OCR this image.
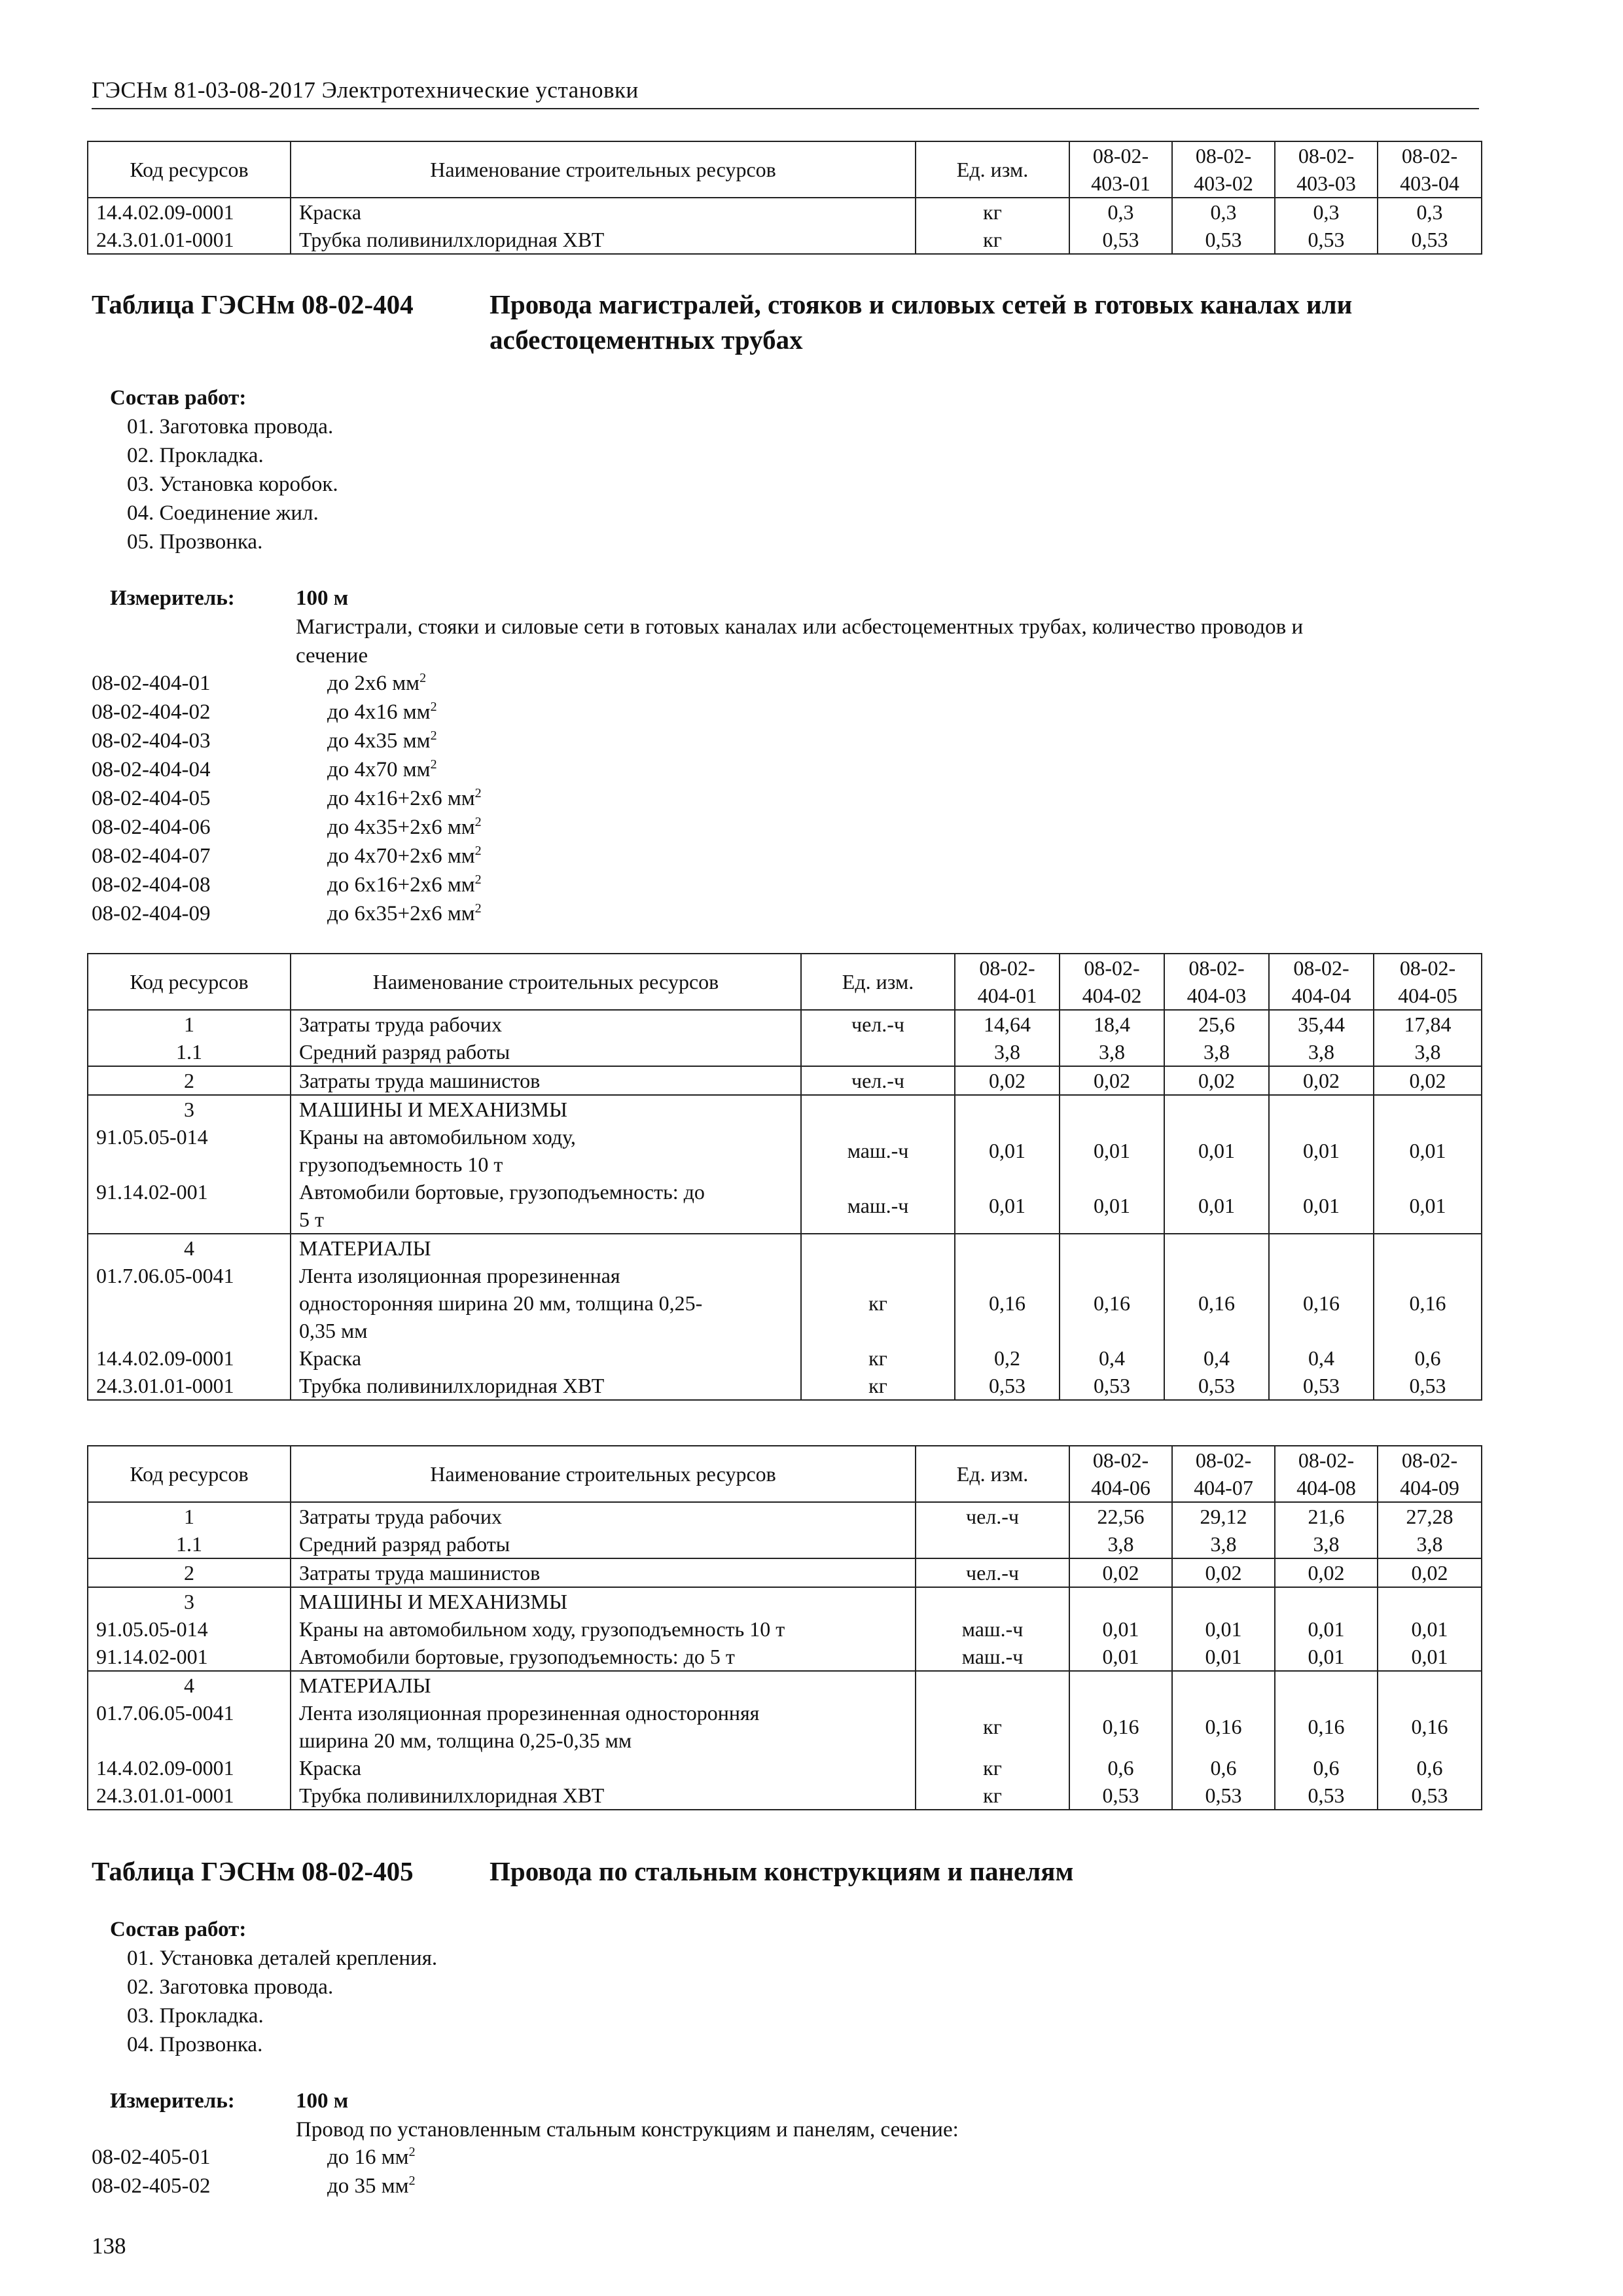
ГЭСНм 81-03-08-2017 Электротехнические установки
Код ресурсов	Наименование строительных ресурсов	Ед. изм.	08-02-
403-01	08-02-
403-02	08-02-
403-03	08-02-
403-04
14.4.02.09-0001	Краска	кг	0,3	0,3	0,3	0,3
24.3.01.01-0001	Трубка поливинилхлоридная ХВТ	кг	0,53	0,53	0,53	0,53
Таблица ГЭСНм 08-02-404	Провода магистралей, стояков и силовых сетей в готовых каналах или
асбестоцементных трубах
Состав работ:
01. Заготовка провода.
02. Прокладка.
03. Установка коробок.
04. Соединение жил.
05. Прозвонка.
Измеритель:	100 м
Магистрали, стояки и силовые сети в готовых каналах или асбестоцементных трубах, количество проводов и
сечение
08-02-404-01	до 2x6 $мм^2$
08-02-404-02	до 4x16 $мм^2$
08-02-404-03	до 4x35 $мм^2$
08-02-404-04	до 4x70 $мм^2$
08-02-404-05	до 4x16+2x6 $мм^2$
08-02-404-06	до 4x35+2x6 $мм^2$
08-02-404-07	до 4x70+2x6 $мм^2$
08-02-404-08	до 6x16+2x6 $мм^2$
08-02-404-09	до 6x35+2x6 $мм^2$
Код ресурсов	Наименование строительных ресурсов	Ед. изм.	08-02-
404-01	08-02-
404-02	08-02-
404-03	08-02-
404-04	08-02-
404-05
1	Затраты труда рабочих	чел.-ч	14,64	18,4	25,6	35,44	17,84
1.1	Средний разряд работы		3,8	3,8	3,8	3,8	3,8
2	Затраты труда машинистов	чел.-ч	0,02	0,02	0,02	0,02	0,02
3	МАШИНЫ И МЕХАНИЗМЫ						
91.05.05-014	Краны на автомобильном ходу,
грузоподъемность 10 т	маш.-ч	0,01	0,01	0,01	0,01	0,01
91.14.02-001	Автомобили бортовые, грузоподъемность: до
5 т	маш.-ч	0,01	0,01	0,01	0,01	0,01
4	МАТЕРИАЛЫ						
01.7.06.05-0041	Лента изоляционная прорезиненная
односторонняя ширина 20 мм, толщина 0,25-
0,35 мм	кг	0,16	0,16	0,16	0,16	0,16
14.4.02.09-0001	Краска	кг	0,2	0,4	0,4	0,4	0,6
24.3.01.01-0001	Трубка поливинилхлоридная ХВТ	кг	0,53	0,53	0,53	0,53	0,53
Код ресурсов	Наименование строительных ресурсов	Ед. изм.	08-02-
404-06	08-02-
404-07	08-02-
404-08	08-02-
404-09
1	Затраты труда рабочих	чел.-ч	22,56	29,12	21,6	27,28
1.1	Средний разряд работы		3,8	3,8	3,8	3,8
2	Затраты труда машинистов	чел.-ч	0,02	0,02	0,02	0,02
3	МАШИНЫ И МЕХАНИЗМЫ					
91.05.05-014	Краны на автомобильном ходу, грузоподъемность 10 т	маш.-ч	0,01	0,01	0,01	0,01
91.14.02-001	Автомобили бортовые, грузоподъемность: до 5 т	маш.-ч	0,01	0,01	0,01	0,01
4	МАТЕРИАЛЫ					
01.7.06.05-0041	Лента изоляционная прорезиненная односторонняя
ширина 20 мм, толщина 0,25-0,35 мм	кг	0,16	0,16	0,16	0,16
14.4.02.09-0001	Краска	кг	0,6	0,6	0,6	0,6
24.3.01.01-0001	Трубка поливинилхлоридная ХВТ	кг	0,53	0,53	0,53	0,53
Таблица ГЭСНм 08-02-405	Провода по стальным конструкциям и панелям
Состав работ:
01. Установка деталей крепления.
02. Заготовка провода.
03. Прокладка.
04. Прозвонка.
Измеритель:	100 м
Провод по установленным стальным конструкциям и панелям, сечение:
08-02-405-01	до 16 $мм^2$
08-02-405-02	до 35 $мм^2$
138
